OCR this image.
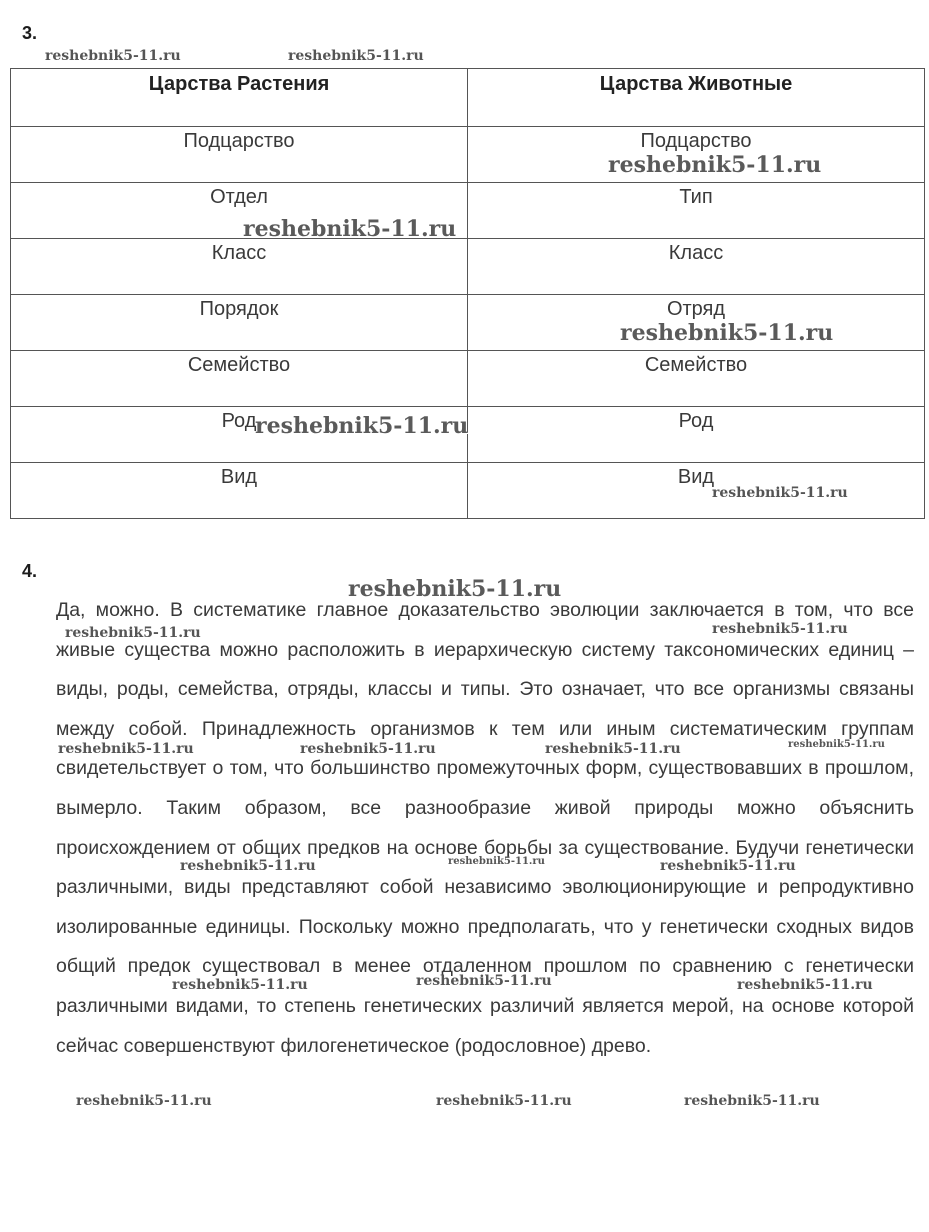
3.
Царства Растения	Царства Животные

Подцарство	Подцарство

Отдел	Тип

Класс	Класс

Порядок	Отряд

Семейство	Семейство

Род	Род

Вид	Вид
4.

Да, можно. В систематике главное доказательство эволюции заключается в том, что все живые существа можно расположить в иерархическую систему таксономических единиц – виды, роды, семейства, отряды, классы и типы. Это означает, что все организмы связаны между собой. Принадлежность организмов к тем или иным систематическим группам свидетельствует о том, что большинство промежуточных форм, существовавших в прошлом, вымерло. Таким образом, все разнообразие живой природы можно объяснить происхождением от общих предков на основе борьбы за существование. Будучи генетически различными, виды представляют собой независимо эволюционирующие и репродуктивно изолированные единицы. Поскольку можно предполагать, что у генетически сходных видов общий предок существовал в менее отдаленном прошлом по сравнению с генетически различными видами, то степень генетических различий является мерой, на основе которой сейчас совершенствуют филогенетическое (родословное) древо.

reshebnik5-11.ru	reshebnik5-11.ru
reshebnik5-11.ru
reshebnik5-11.ru
reshebnik5-11.ru
reshebnik5-11.ru
reshebnik5-11.ru
reshebnik5-11.ru
reshebnik5-11.ru	reshebnik5-11.ru
reshebnik5-11.ru	reshebnik5-11.ru	reshebnik5-11.ru	reshebnik5-11.ru
reshebnik5-11.ru	reshebnik5-11.ru	reshebnik5-11.ru
reshebnik5-11.ru	reshebnik5-11.ru	reshebnik5-11.ru
reshebnik5-11.ru	reshebnik5-11.ru	reshebnik5-11.ru
